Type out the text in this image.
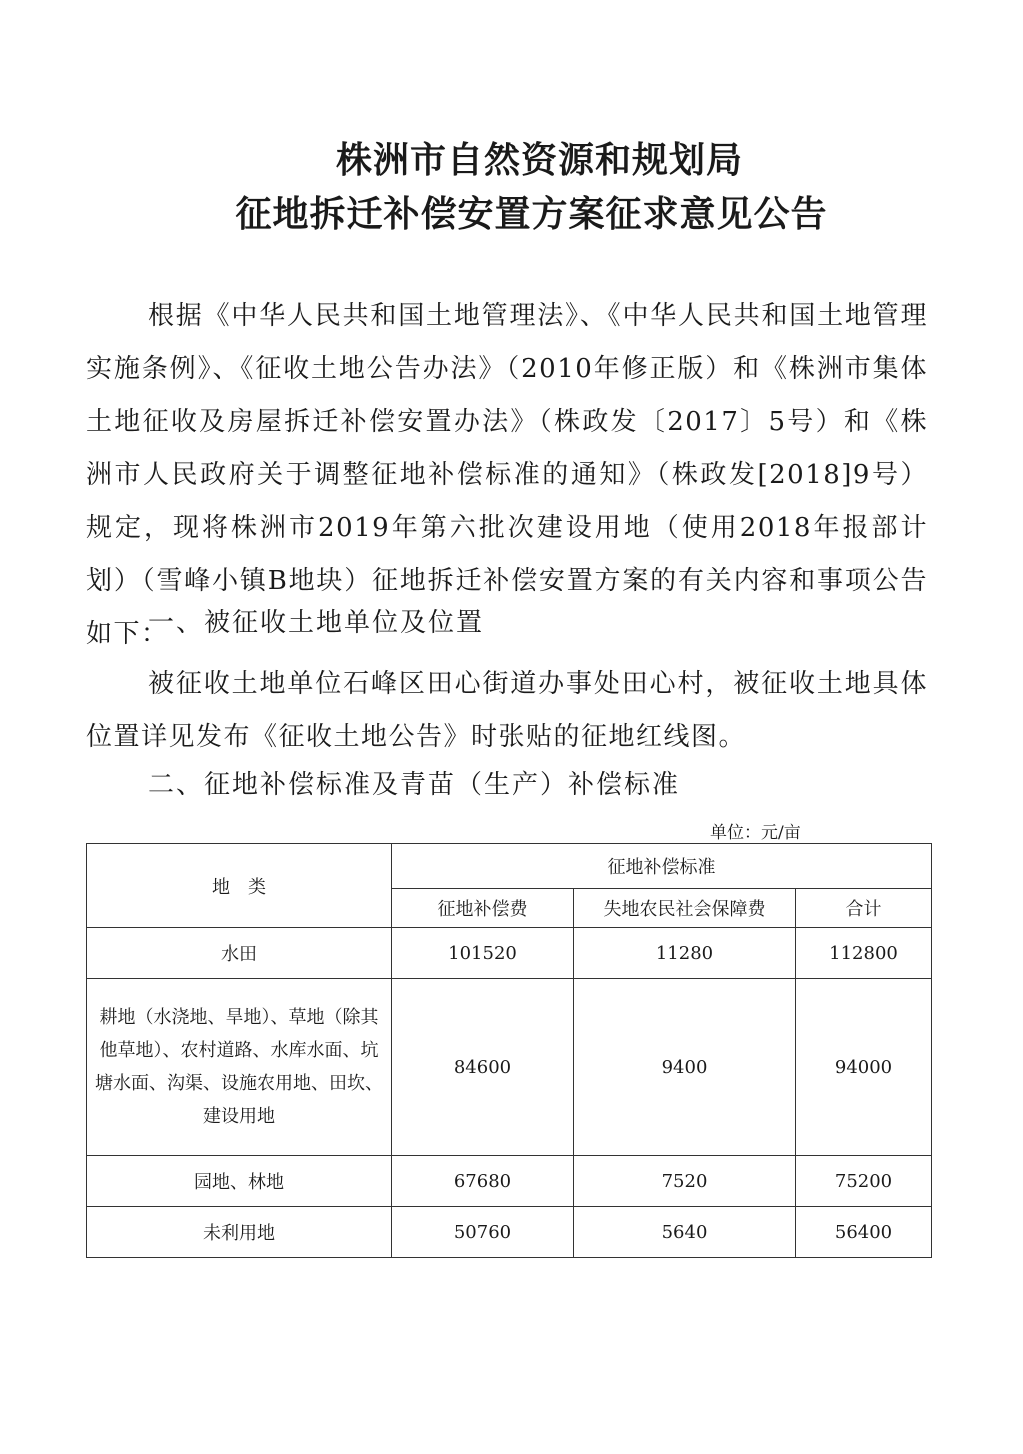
株洲市自然资源和规划局
征地拆迁补偿安置方案征求意见公告
根据《中华人民共和国土地管理法》、《中华人民共和国土地管理实施条例》、《征收土地公告办法》（2010年修正版）和《株洲市集体土地征收及房屋拆迁补偿安置办法》（株政发〔2017〕5号）和《株洲市人民政府关于调整征地补偿标准的通知》（株政发[2018]9号）规定，现将株洲市2019年第六批次建设用地（使用2018年报部计划）（雪峰小镇B地块）征地拆迁补偿安置方案的有关内容和事项公告如下：
一、被征收土地单位及位置
被征收土地单位石峰区田心街道办事处田心村，被征收土地具体位置详见发布《征收土地公告》时张贴的征地红线图。
二、征地补偿标准及青苗（生产）补偿标准
单位：元/亩
地　类	征地补偿标准		
	征地补偿费	失地农民社会保障费	合计
水田	101520	11280	112800
耕地（水浇地、旱地）、草地（除其他草地）、农村道路、水库水面、坑塘水面、沟渠、设施农用地、田坎、建设用地	84600	9400	94000
园地、林地	67680	7520	75200
未利用地	50760	5640	56400
